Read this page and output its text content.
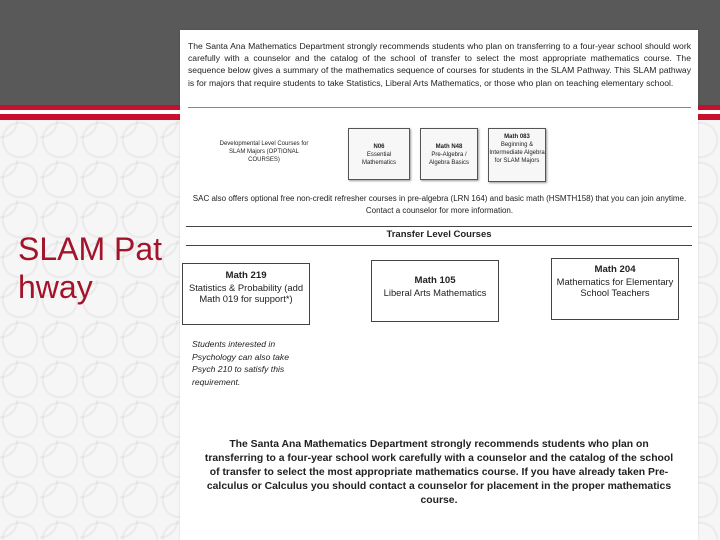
SLAM Pathway
The Santa Ana Mathematics Department strongly recommends students who plan on transferring to a four-year school should work carefully with a counselor and the catalog of the school of transfer to select the most appropriate mathematics course. The sequence below gives a summary of the mathematics sequence of courses for students in the SLAM Pathway. This SLAM pathway is for majors that require students to take Statistics, Liberal Arts Mathematics, or those who plan on teaching elementary school.
Developmental Level Courses for SLAM Majors (OPTIONAL COURSES)
N06
Essential Mathematics
Math N48
Pre-Algebra / Algebra Basics
Math 083
Beginning & Intermediate Algebra for SLAM Majors
SAC also offers optional free non-credit refresher courses in pre-algebra (LRN 164) and basic math (HSMTH158) that you can join anytime. Contact a counselor for more information.
Transfer Level Courses
Math 219
Statistics & Probability (add Math 019 for support*)
Math 105
Liberal Arts Mathematics
Math 204
Mathematics for Elementary School Teachers
Students interested in Psychology can also take Psych 210 to satisfy this requirement.
The Santa Ana Mathematics Department strongly recommends students who plan on transferring to a four-year school work carefully with a counselor and the catalog of the school of transfer to select the most appropriate mathematics course. If you have already taken Pre-calculus or Calculus you should contact a counselor for placement in the proper mathematics course.
